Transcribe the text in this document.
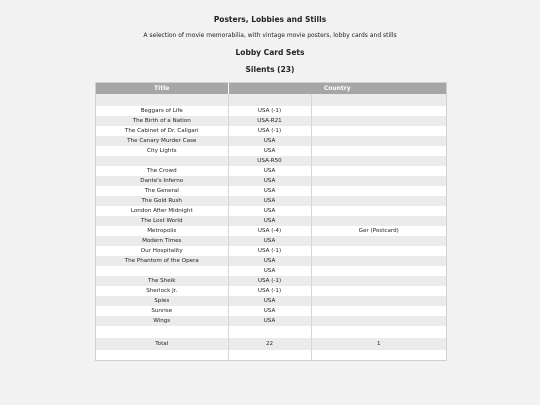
Posters, Lobbies and Stills
A selection of movie memorabilia, with vintage movie posters, lobby cards and stills
Lobby Card Sets
Silents (23)
Title	Country	

Beggars of Life	USA (-1)	
The Birth of a Nation	USA-R21	
The Cabinet of Dr. Caligari	USA (-1)	
The Canary Murder Case	USA	
City Lights	USA	
	USA-R50	
The Crowd	USA	
Dante's Inferno	USA	
The General	USA	
The Gold Rush	USA	
London After Midnight	USA	
The Lost World	USA	
Metropolis	USA (-4)	Ger (Postcard)
Modern Times	USA	
Our Hospitality	USA (-1)	
The Phantom of the Opera	USA	
	USA	
The Sheik	USA (-1)	
Sherlock Jr.	USA (-1)	
Spies	USA	
Sunrise	USA	
Wings	USA	

Total	22	1
